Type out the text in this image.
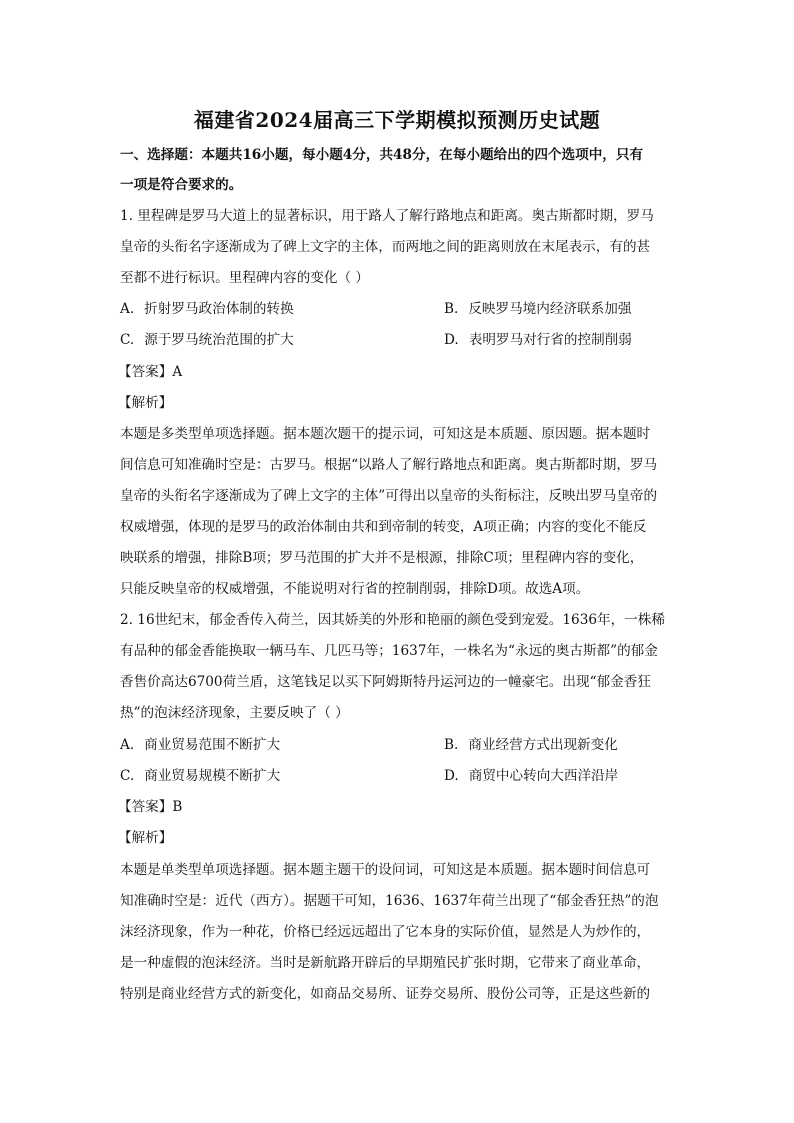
福建省2024届高三下学期模拟预测历史试题
一、选择题：本题共16小题，每小题4分，共48分，在每小题给出的四个选项中，只有
一项是符合要求的。
1. 里程碑是罗马大道上的显著标识，用于路人了解行路地点和距离。奥古斯都时期，罗马
皇帝的头衔名字逐渐成为了碑上文字的主体，而两地之间的距离则放在末尾表示，有的甚
至都不进行标识。里程碑内容的变化（ ）
A. 折射罗马政治体制的转换	B. 反映罗马境内经济联系加强
C. 源于罗马统治范围的扩大	D. 表明罗马对行省的控制削弱
【答案】A
【解析】
本题是多类型单项选择题。据本题次题干的提示词，可知这是本质题、原因题。据本题时
间信息可知准确时空是：古罗马。根据“以路人了解行路地点和距离。奥古斯都时期，罗马
皇帝的头衔名字逐渐成为了碑上文字的主体”可得出以皇帝的头衔标注，反映出罗马皇帝的
权威增强，体现的是罗马的政治体制由共和到帝制的转变，A项正确；内容的变化不能反
映联系的增强，排除B项；罗马范围的扩大并不是根源，排除C项；里程碑内容的变化，
只能反映皇帝的权威增强，不能说明对行省的控制削弱，排除D项。故选A项。
2. 16世纪末，郁金香传入荷兰，因其娇美的外形和艳丽的颜色受到宠爱。1636年，一株稀
有品种的郁金香能换取一辆马车、几匹马等；1637年，一株名为“永远的奥古斯都”的郁金
香售价高达6700荷兰盾，这笔钱足以买下阿姆斯特丹运河边的一幢豪宅。出现“郁金香狂
热”的泡沫经济现象，主要反映了（ ）
A. 商业贸易范围不断扩大	B. 商业经营方式出现新变化
C. 商业贸易规模不断扩大	D. 商贸中心转向大西洋沿岸
【答案】B
【解析】
本题是单类型单项选择题。据本题主题干的设问词，可知这是本质题。据本题时间信息可
知准确时空是：近代（西方）。据题干可知，1636、1637年荷兰出现了“郁金香狂热”的泡
沫经济现象，作为一种花，价格已经远远超出了它本身的实际价值，显然是人为炒作的，
是一种虚假的泡沫经济。当时是新航路开辟后的早期殖民扩张时期，它带来了商业革命，
特别是商业经营方式的新变化，如商品交易所、证券交易所、股份公司等，正是这些新的
